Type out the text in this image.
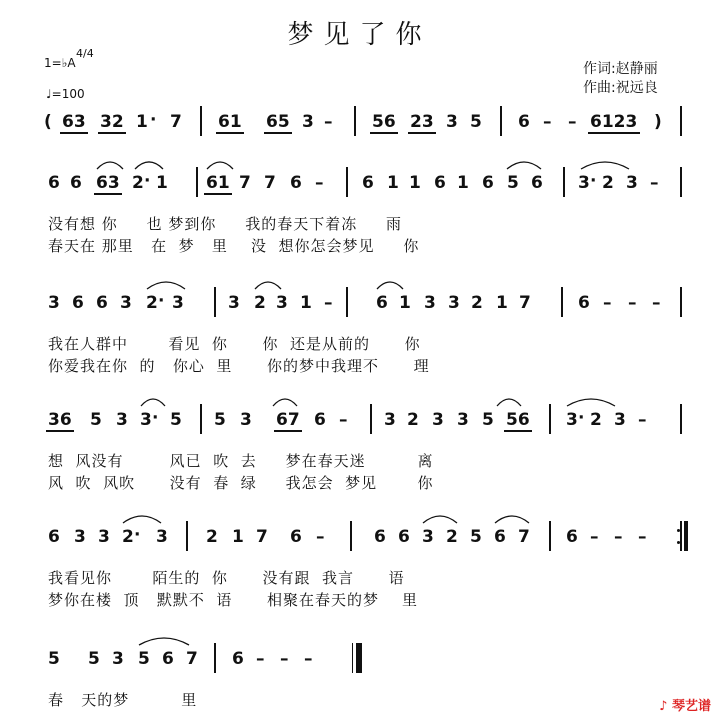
梦见了你
1=♭A
4/4
♩=100
作词:赵静丽
作曲:祝远良
( 63 32 1 · 7 61 65 3 – 56 23 3 5 6 – – 6123 )
6 6 63 2 · 1 61 7 7 6 – 6 1 1 6 1 6 5 6 3 · 2 3 –
没有想 你     也 梦到你     我的春天下着冻     雨
春天在 那里   在  梦   里    没  想你怎会梦见     你
3 6 6 3 2 · 3	3 2 3 1 –	6 1 3 3 2 1 7	6 – – –
我在人群中       看见  你      你  还是从前的      你
你爱我在你  的   你心  里      你的梦中我理不      理
36 5 3 3 · 5 5 3 67 6 – 3 2 3 3 5 56 3 · 2 3 –
想  风没有        风已  吹  去     梦在春天迷         离
风  吹  风吹      没有  春  绿     我怎会  梦见       你
6 3 3 2 · 3 2 1 7 6 –	6 6 3 2 5 6 7 6 – – –
我看见你       陌生的  你      没有跟  我言      语
梦你在楼  顶   默默不  语      相聚在春天的梦    里
5 5 3 5 6 7 6 – – –
春   天的梦         里	♪ 琴艺谱
